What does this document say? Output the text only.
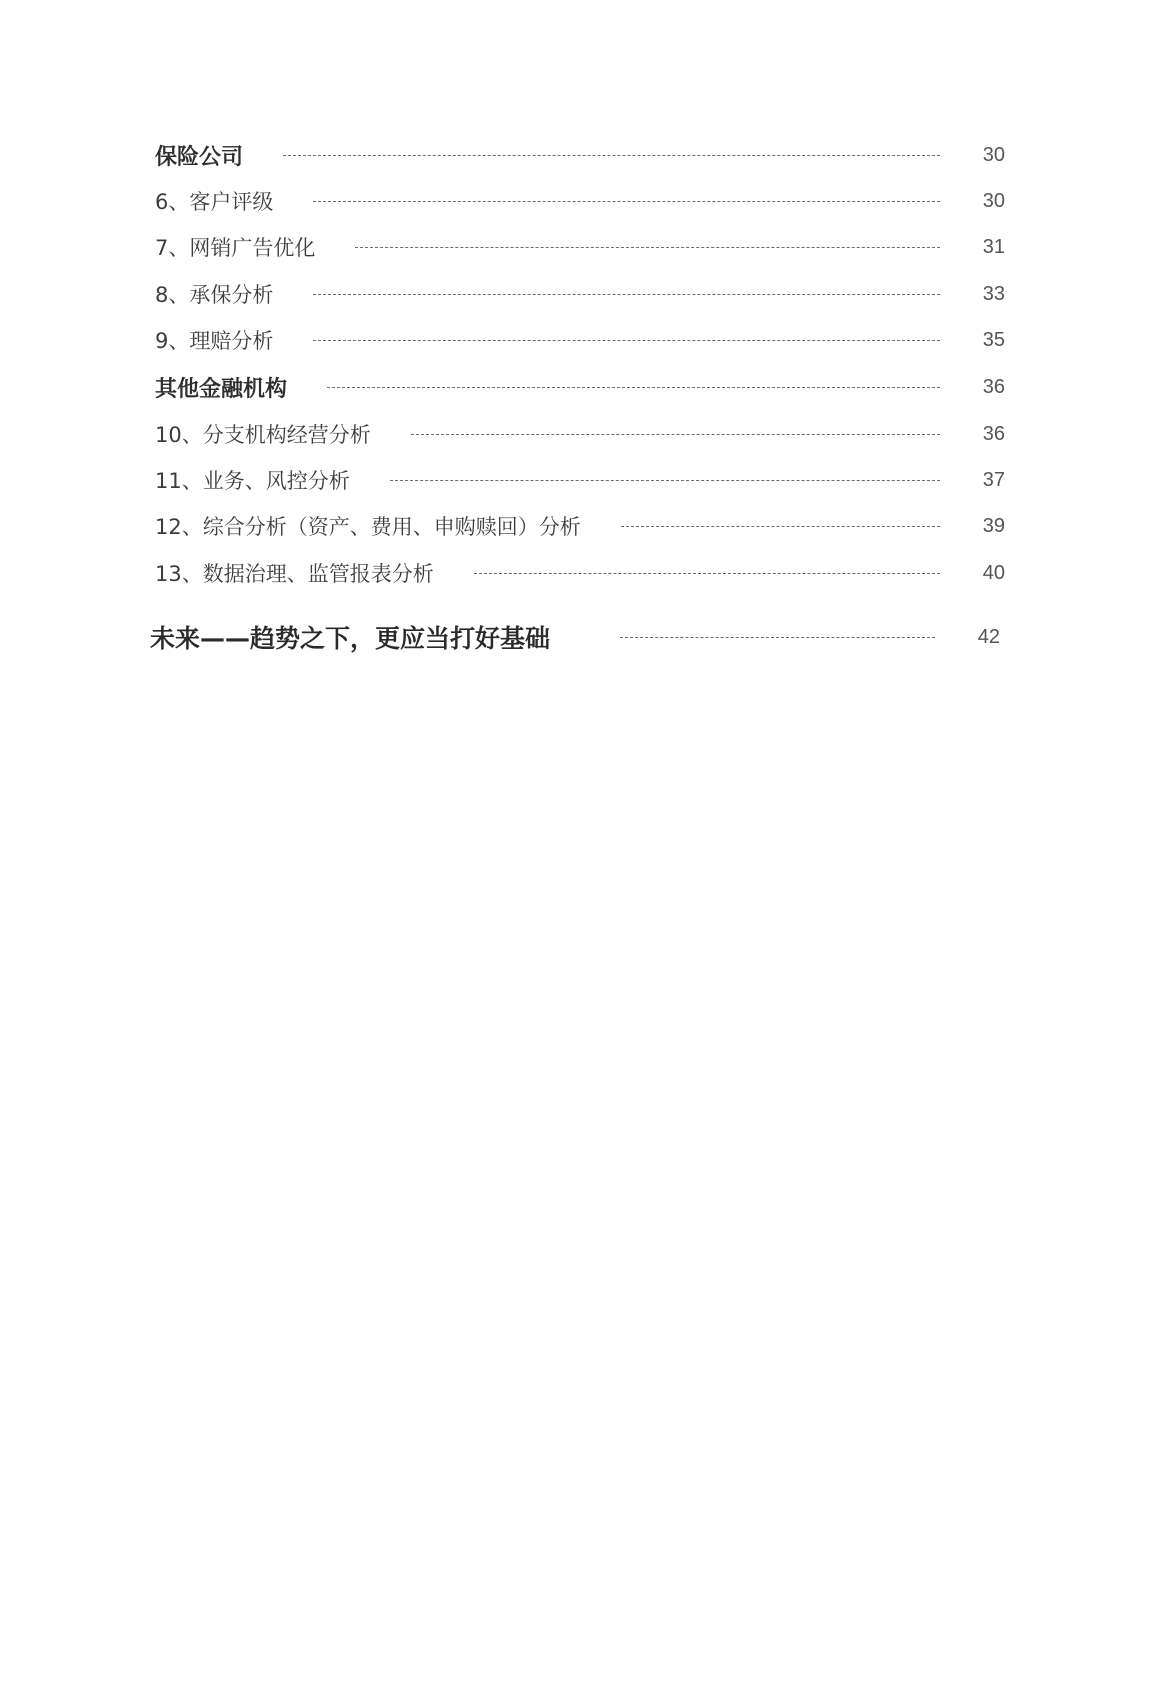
保险公司	30
6、客户评级	30
7、网销广告优化	31
8、承保分析	33
9、理赔分析	35
其他金融机构	36
10、分支机构经营分析	36
11、业务、风控分析	37
12、综合分析（资产、费用、申购赎回）分析	39
13、数据治理、监管报表分析	40
未来——趋势之下，更应当打好基础	42
